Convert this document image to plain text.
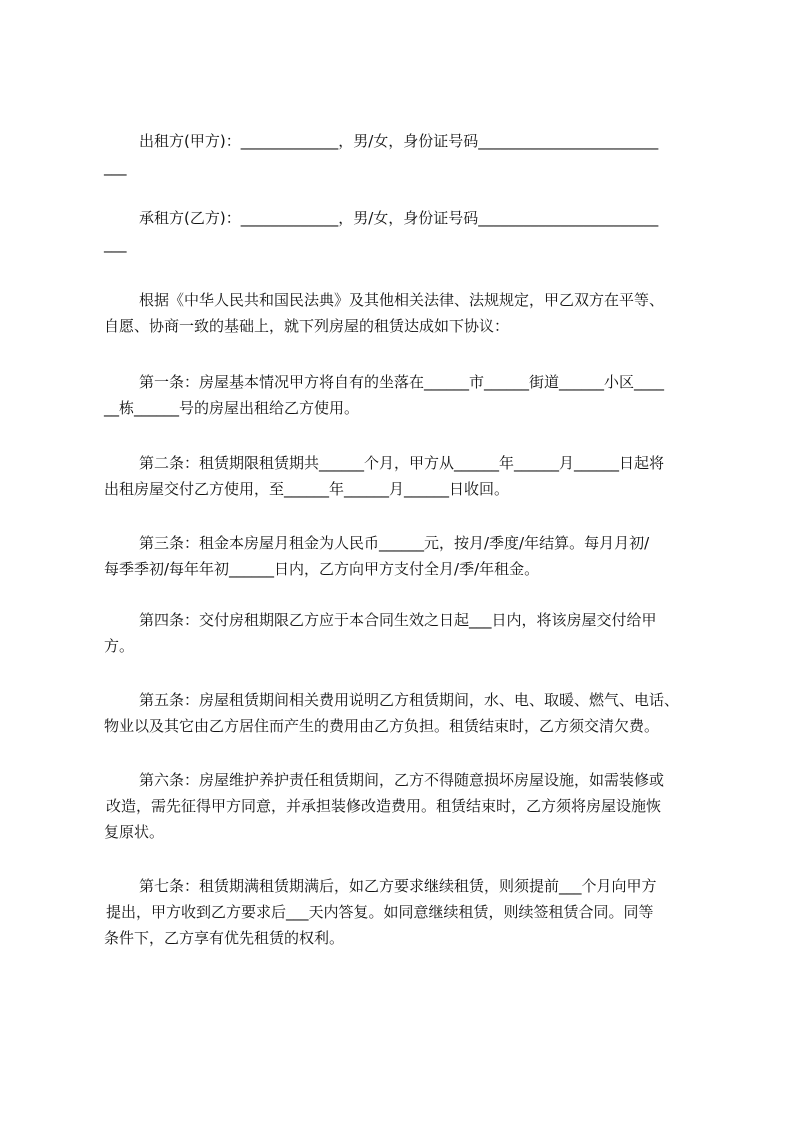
出租方(甲方)：_____________，男/女，身份证号码________________________
___
承租方(乙方)：_____________，男/女，身份证号码________________________
___
根据《中华人民共和国民法典》及其他相关法律、法规规定，甲乙双方在平等、
自愿、协商一致的基础上，就下列房屋的租赁达成如下协议：
第一条：房屋基本情况甲方将自有的坐落在______市______街道______小区____
__栋______号的房屋出租给乙方使用。
第二条：租赁期限租赁期共______个月，甲方从______年______月______日起将
出租房屋交付乙方使用，至______年______月______日收回。
第三条：租金本房屋月租金为人民币______元，按月/季度/年结算。每月月初/
每季季初/每年年初______日内，乙方向甲方支付全月/季/年租金。
第四条：交付房租期限乙方应于本合同生效之日起___日内，将该房屋交付给甲
方。
第五条：房屋租赁期间相关费用说明乙方租赁期间，水、电、取暖、燃气、电话、
物业以及其它由乙方居住而产生的费用由乙方负担。租赁结束时，乙方须交清欠费。
第六条：房屋维护养护责任租赁期间，乙方不得随意损坏房屋设施，如需装修或
改造，需先征得甲方同意，并承担装修改造费用。租赁结束时，乙方须将房屋设施恢
复原状。
第七条：租赁期满租赁期满后，如乙方要求继续租赁，则须提前___个月向甲方
提出，甲方收到乙方要求后___天内答复。如同意继续租赁，则续签租赁合同。同等
条件下，乙方享有优先租赁的权利。
